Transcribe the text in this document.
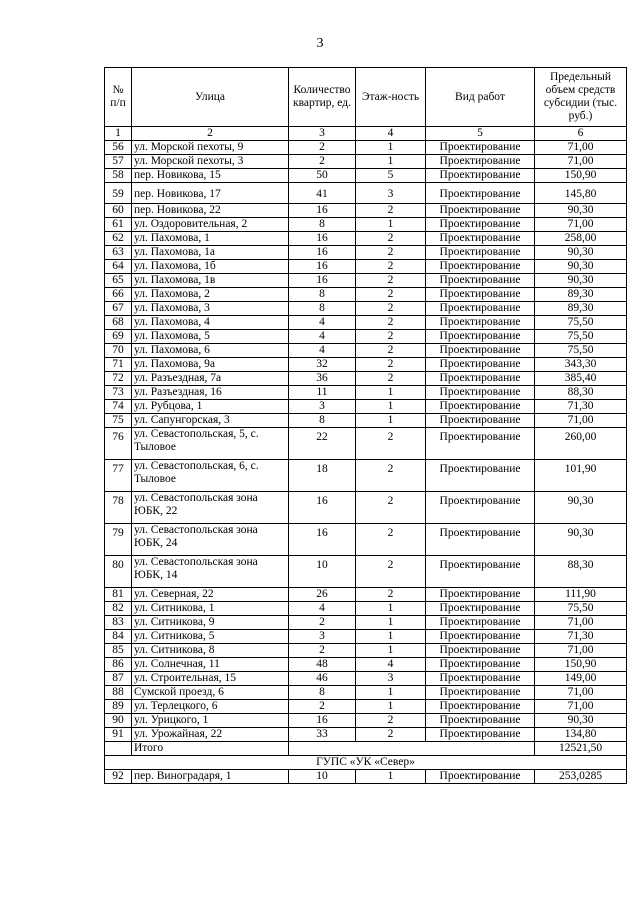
3
№ п/п	Улица	Количество квартир, ед.	Этаж-ность	Вид работ	Предельный объем средств субсидии (тыс. руб.)
1	2	3	4	5	6
56	ул. Морской пехоты, 9	2	1	Проектирование	71,00
57	ул. Морской пехоты, 3	2	1	Проектирование	71,00
58	пер. Новикова, 15	50	5	Проектирование	150,90
59	пер. Новикова, 17	41	3	Проектирование	145,80
60	пер. Новикова, 22	16	2	Проектирование	90,30
61	ул. Оздоровительная, 2	8	1	Проектирование	71,00
62	ул. Пахомова, 1	16	2	Проектирование	258,00
63	ул. Пахомова, 1а	16	2	Проектирование	90,30
64	ул. Пахомова, 1б	16	2	Проектирование	90,30
65	ул. Пахомова, 1в	16	2	Проектирование	90,30
66	ул. Пахомова, 2	8	2	Проектирование	89,30
67	ул. Пахомова, 3	8	2	Проектирование	89,30
68	ул. Пахомова, 4	4	2	Проектирование	75,50
69	ул. Пахомова, 5	4	2	Проектирование	75,50
70	ул. Пахомова, 6	4	2	Проектирование	75,50
71	ул. Пахомова, 9а	32	2	Проектирование	343,30
72	ул. Разъездная, 7а	36	2	Проектирование	385,40
73	ул. Разъездная, 16	11	1	Проектирование	88,30
74	ул. Рубцова, 1	3	1	Проектирование	71,30
75	ул. Сапунгорская, 3	8	1	Проектирование	71,00
76	ул. Севастопольская, 5, с. Тыловое	22	2	Проектирование	260,00
77	ул. Севастопольская, 6, с. Тыловое	18	2	Проектирование	101,90
78	ул. Севастопольская зона ЮБК, 22	16	2	Проектирование	90,30
79	ул. Севастопольская зона ЮБК, 24	16	2	Проектирование	90,30
80	ул. Севастопольская зона ЮБК, 14	10	2	Проектирование	88,30
81	ул. Северная, 22	26	2	Проектирование	111,90
82	ул. Ситникова, 1	4	1	Проектирование	75,50
83	ул. Ситникова, 9	2	1	Проектирование	71,00
84	ул. Ситникова, 5	3	1	Проектирование	71,30
85	ул. Ситникова, 8	2	1	Проектирование	71,00
86	ул. Солнечная, 11	48	4	Проектирование	150,90
87	ул. Строительная, 15	46	3	Проектирование	149,00
88	Сумской проезд, 6	8	1	Проектирование	71,00
89	ул. Терлецкого, 6	2	1	Проектирование	71,00
90	ул. Урицкого, 1	16	2	Проектирование	90,30
91	ул. Урожайная, 22	33	2	Проектирование	134,80
	Итого				12521,50
ГУПС «УК «Север»					
92	пер. Виноградаря, 1	10	1	Проектирование	253,0285
